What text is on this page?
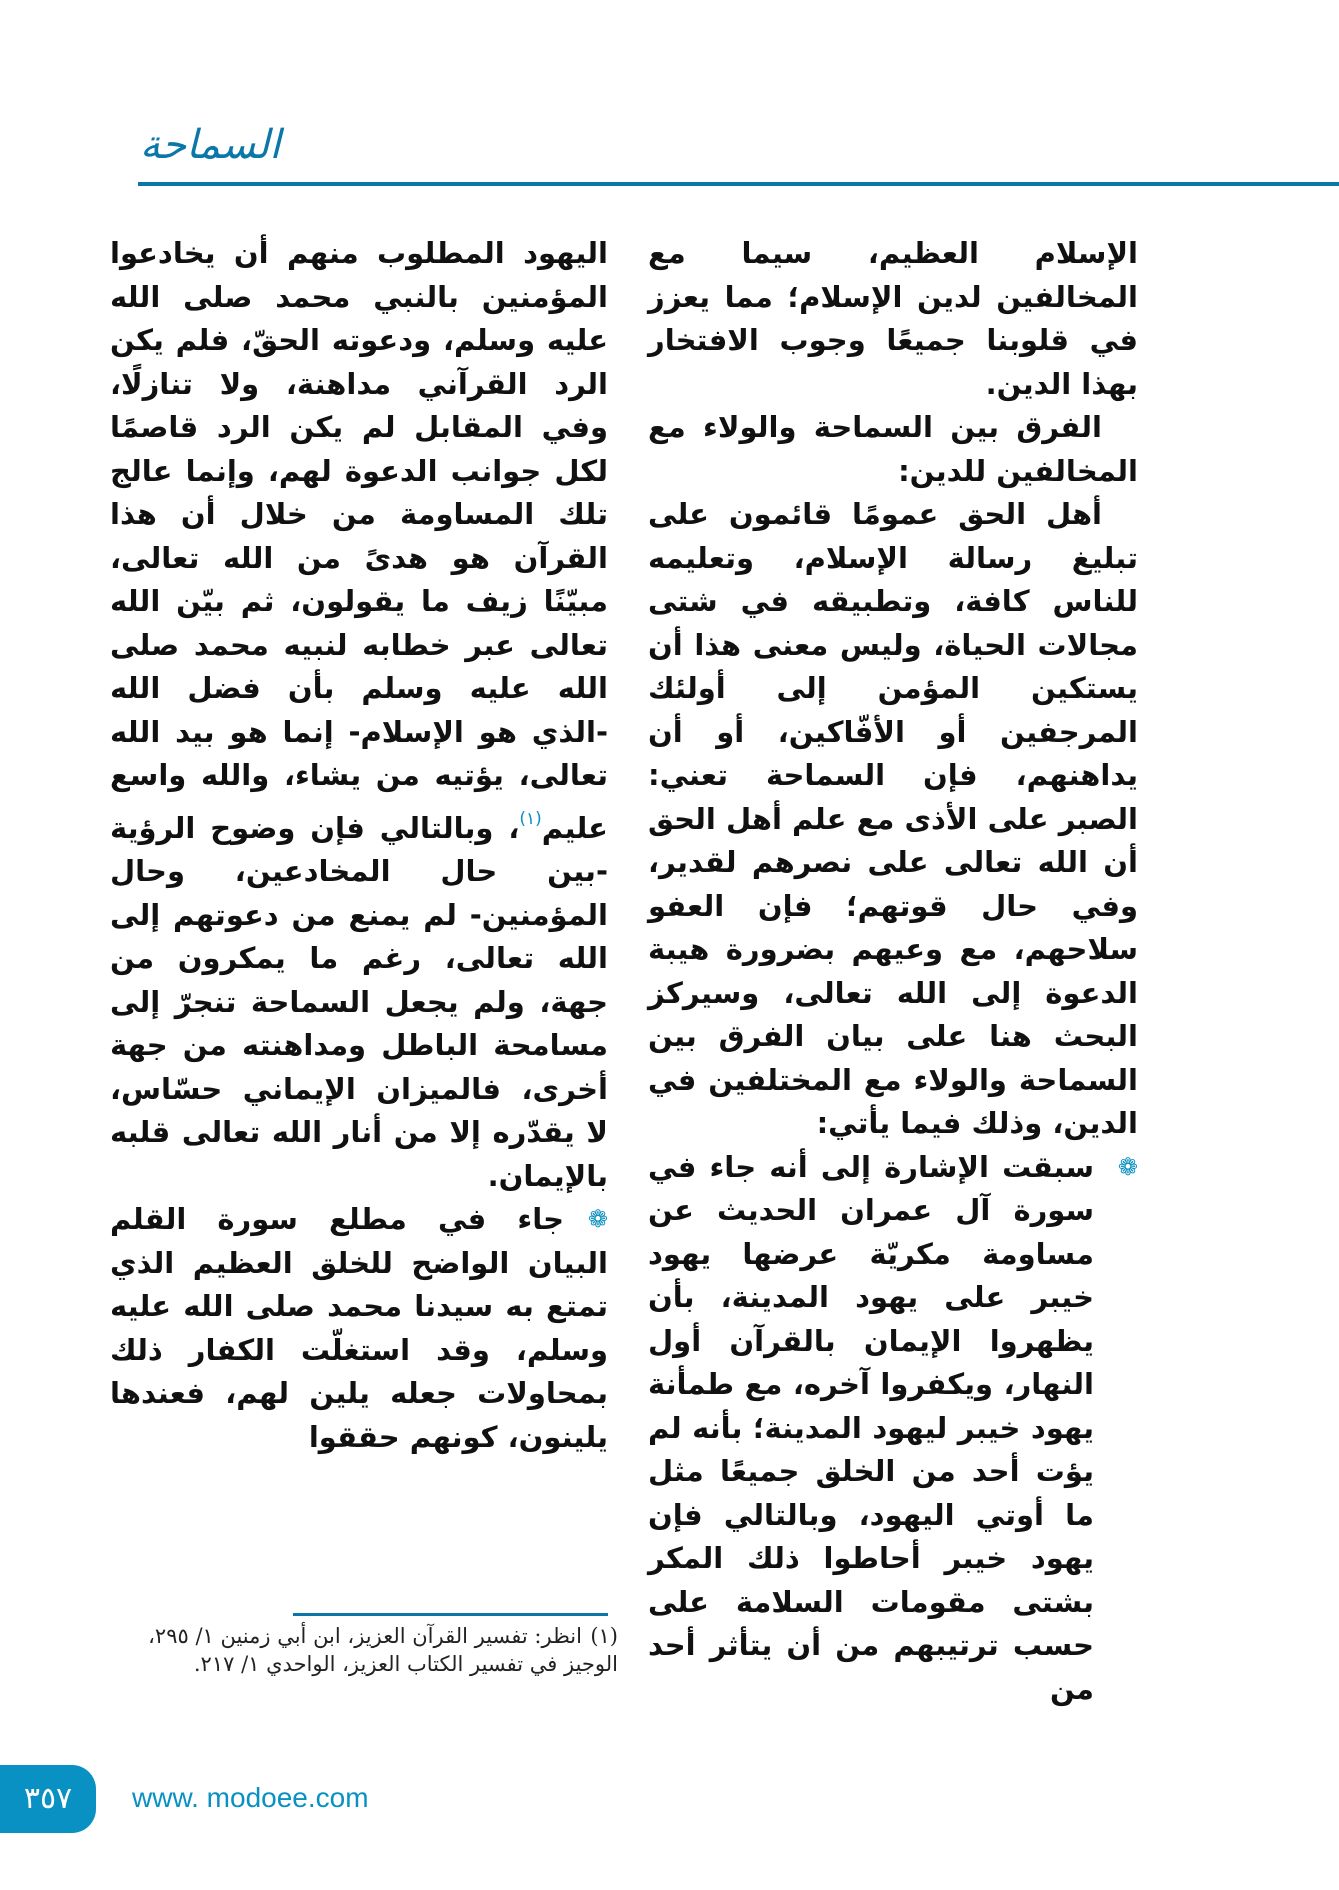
السماحة

الإسلام العظيم، سيما مع المخالفين لدين الإسلام؛ مما يعزز في قلوبنا جميعًا وجوب الافتخار بهذا الدين.

الفرق بين السماحة والولاء مع المخالفين للدين:

أهل الحق عمومًا قائمون على تبليغ رسالة الإسلام، وتعليمه للناس كافة، وتطبيقه في شتى مجالات الحياة، وليس معنى هذا أن يستكين المؤمن إلى أولئك المرجفين أو الأفّاكين، أو أن يداهنهم، فإن السماحة تعني: الصبر على الأذى مع علم أهل الحق أن الله تعالى على نصرهم لقدير، وفي حال قوتهم؛ فإن العفو سلاحهم، مع وعيهم بضرورة هيبة الدعوة إلى الله تعالى، وسيركز البحث هنا على بيان الفرق بين السماحة والولاء مع المختلفين في الدين، وذلك فيما يأتي:

❁سبقت الإشارة إلى أنه جاء في سورة آل عمران الحديث عن مساومة مكريّة عرضها يهود خيبر على يهود المدينة، بأن يظهروا الإيمان بالقرآن أول النهار، ويكفروا آخره، مع طمأنة يهود خيبر ليهود المدينة؛ بأنه لم يؤت أحد من الخلق جميعًا مثل ما أوتي اليهود، وبالتالي فإن يهود خيبر أحاطوا ذلك المكر بشتى مقومات السلامة على حسب ترتيبهم من أن يتأثر أحد من

اليهود المطلوب منهم أن يخادعوا المؤمنين بالنبي محمد صلى الله عليه وسلم، ودعوته الحقّ، فلم يكن الرد القرآني مداهنة، ولا تنازلًا، وفي المقابل لم يكن الرد قاصمًا لكل جوانب الدعوة لهم، وإنما عالج تلك المساومة من خلال أن هذا القرآن هو هدىً من الله تعالى، مبيّنًا زيف ما يقولون، ثم بيّن الله تعالى عبر خطابه لنبيه محمد صلى الله عليه وسلم بأن فضل الله -الذي هو الإسلام- إنما هو بيد الله تعالى، يؤتيه من يشاء، والله واسع عليم$^{(١)}$، وبالتالي فإن وضوح الرؤية -بين حال المخادعين، وحال المؤمنين- لم يمنع من دعوتهم إلى الله تعالى، رغم ما يمكرون من جهة، ولم يجعل السماحة تنجرّ إلى مسامحة الباطل ومداهنته من جهة أخرى، فالميزان الإيماني حسّاس، لا يقدّره إلا من أنار الله تعالى قلبه بالإيمان.

❁جاء في مطلع سورة القلم البيان الواضح للخلق العظيم الذي تمتع به سيدنا محمد صلى الله عليه وسلم، وقد استغلّت الكفار ذلك بمحاولات جعله يلين لهم، فعندها يلينون، كونهم حققوا

(١)انظر: تفسير القرآن العزيز، ابن أبي زمنين ١/ ٢٩٥، الوجيز في تفسير الكتاب العزيز، الواحدي ١/ ٢١٧.
٣٥٧	www. modoee.com
